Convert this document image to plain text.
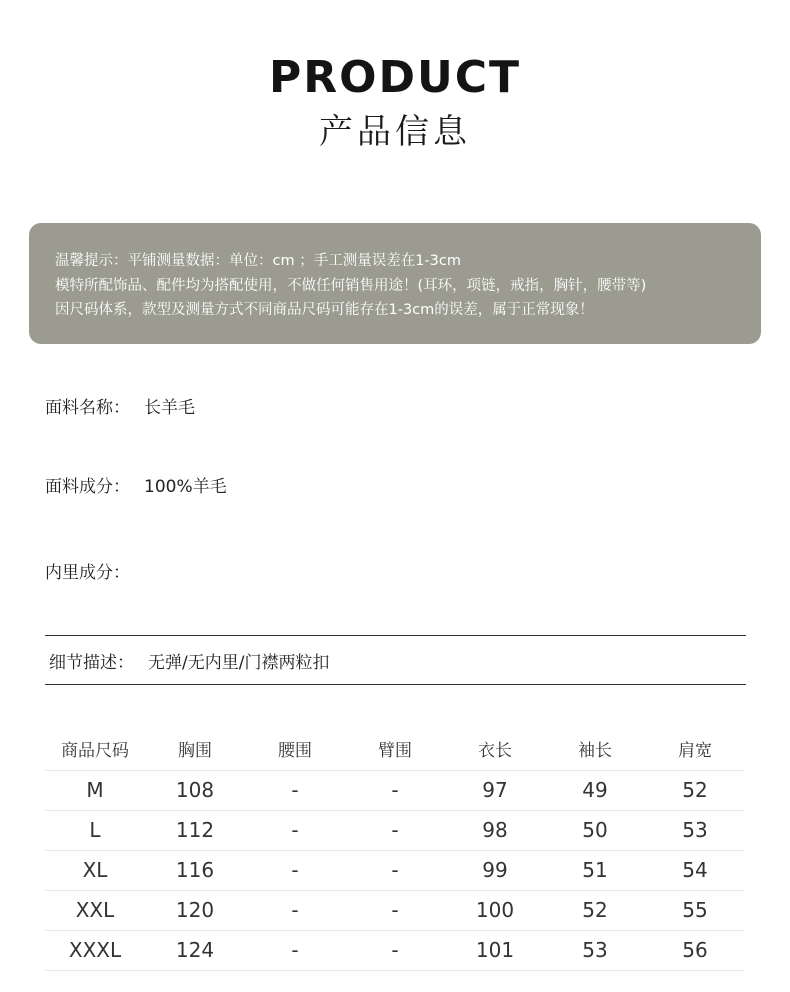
PRODUCT
产品信息
温馨提示：平铺测量数据：单位：cm ；手工测量误差在1-3cm
模特所配饰品、配件均为搭配使用，不做任何销售用途！(耳环，项链，戒指，胸针，腰带等)
因尺码体系，款型及测量方式不同商品尺码可能存在1-3cm的误差，属于正常现象！
面料名称： 长羊毛
面料成分： 100%羊毛
内里成分：
细节描述： 无弹/无内里/门襟两粒扣
商品尺码	胸围	腰围	臂围	衣长	袖长	肩宽
M	108	-	-	97	49	52
L	112	-	-	98	50	53
XL	116	-	-	99	51	54
XXL	120	-	-	100	52	55
XXXL	124	-	-	101	53	56
